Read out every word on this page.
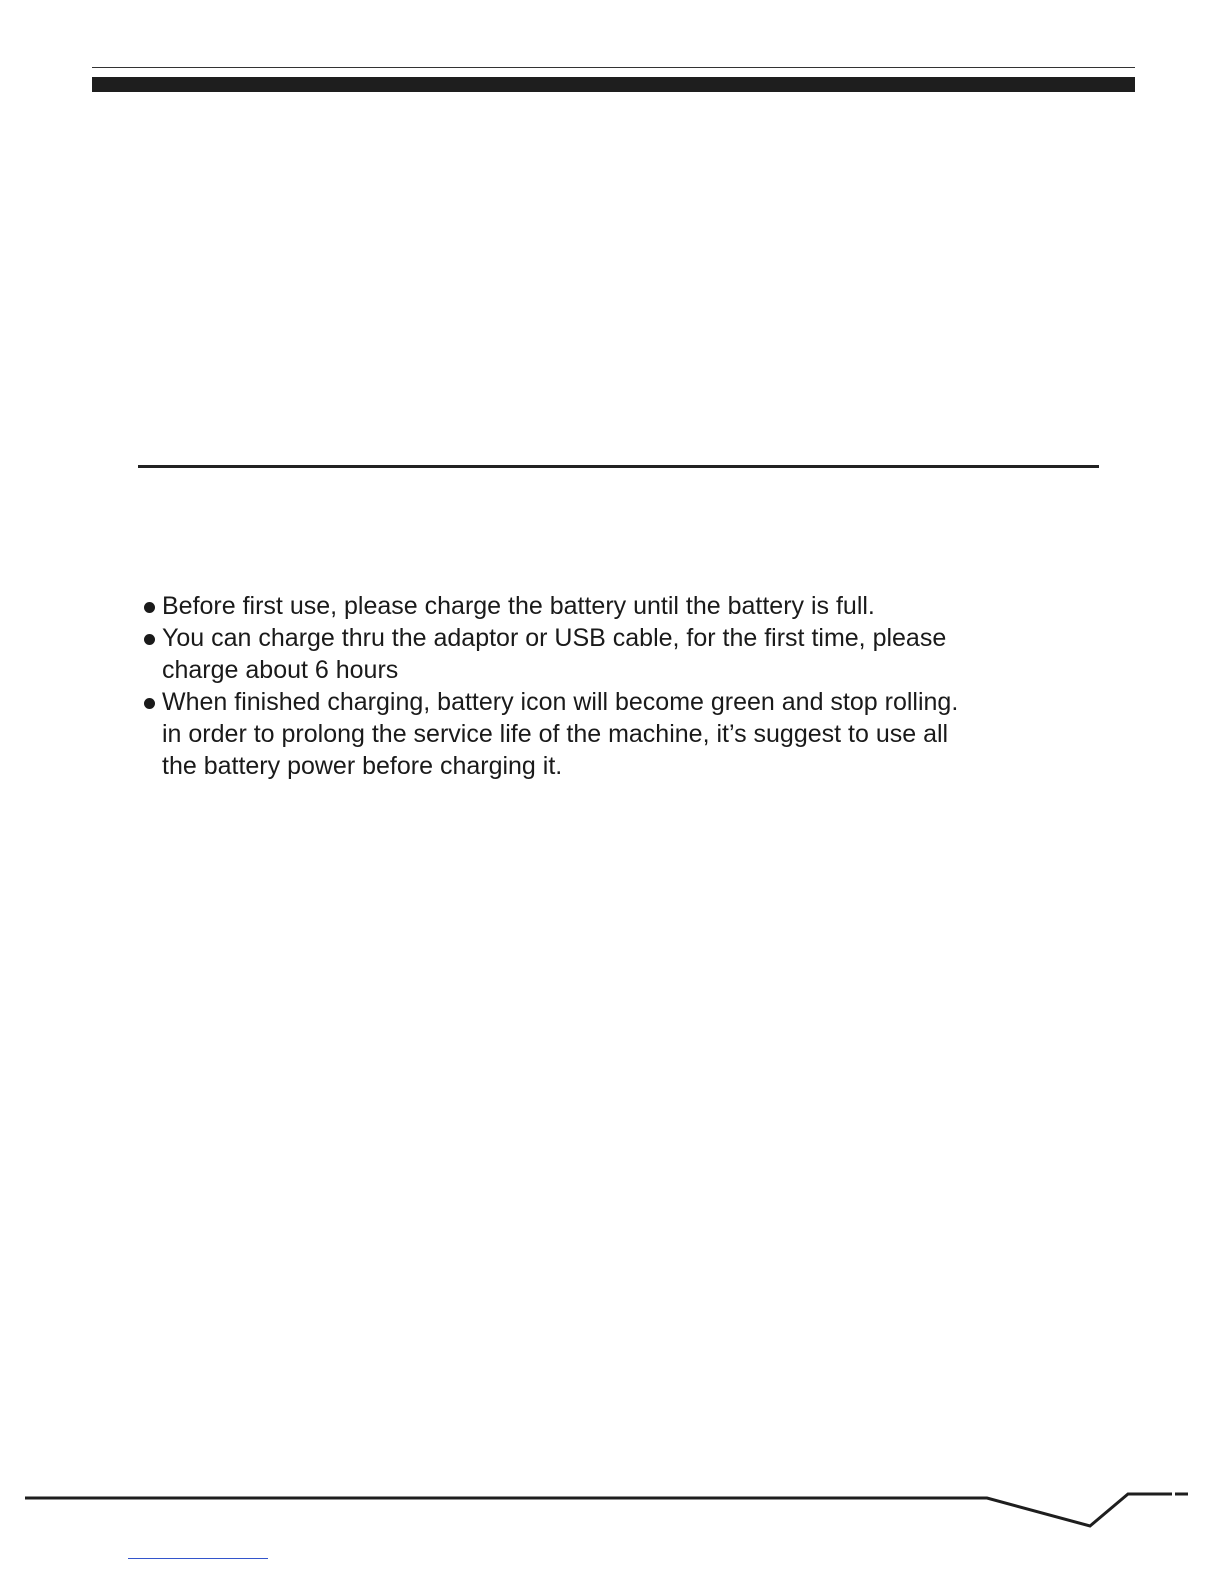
Before first use, please charge the battery until the battery is full.

You can charge thru the adaptor or USB cable, for the first time, please
charge about 6 hours

When finished charging, battery icon will become green and stop rolling.
in order to prolong the service life of the machine, it’s suggest to use all
the battery power before charging it.
